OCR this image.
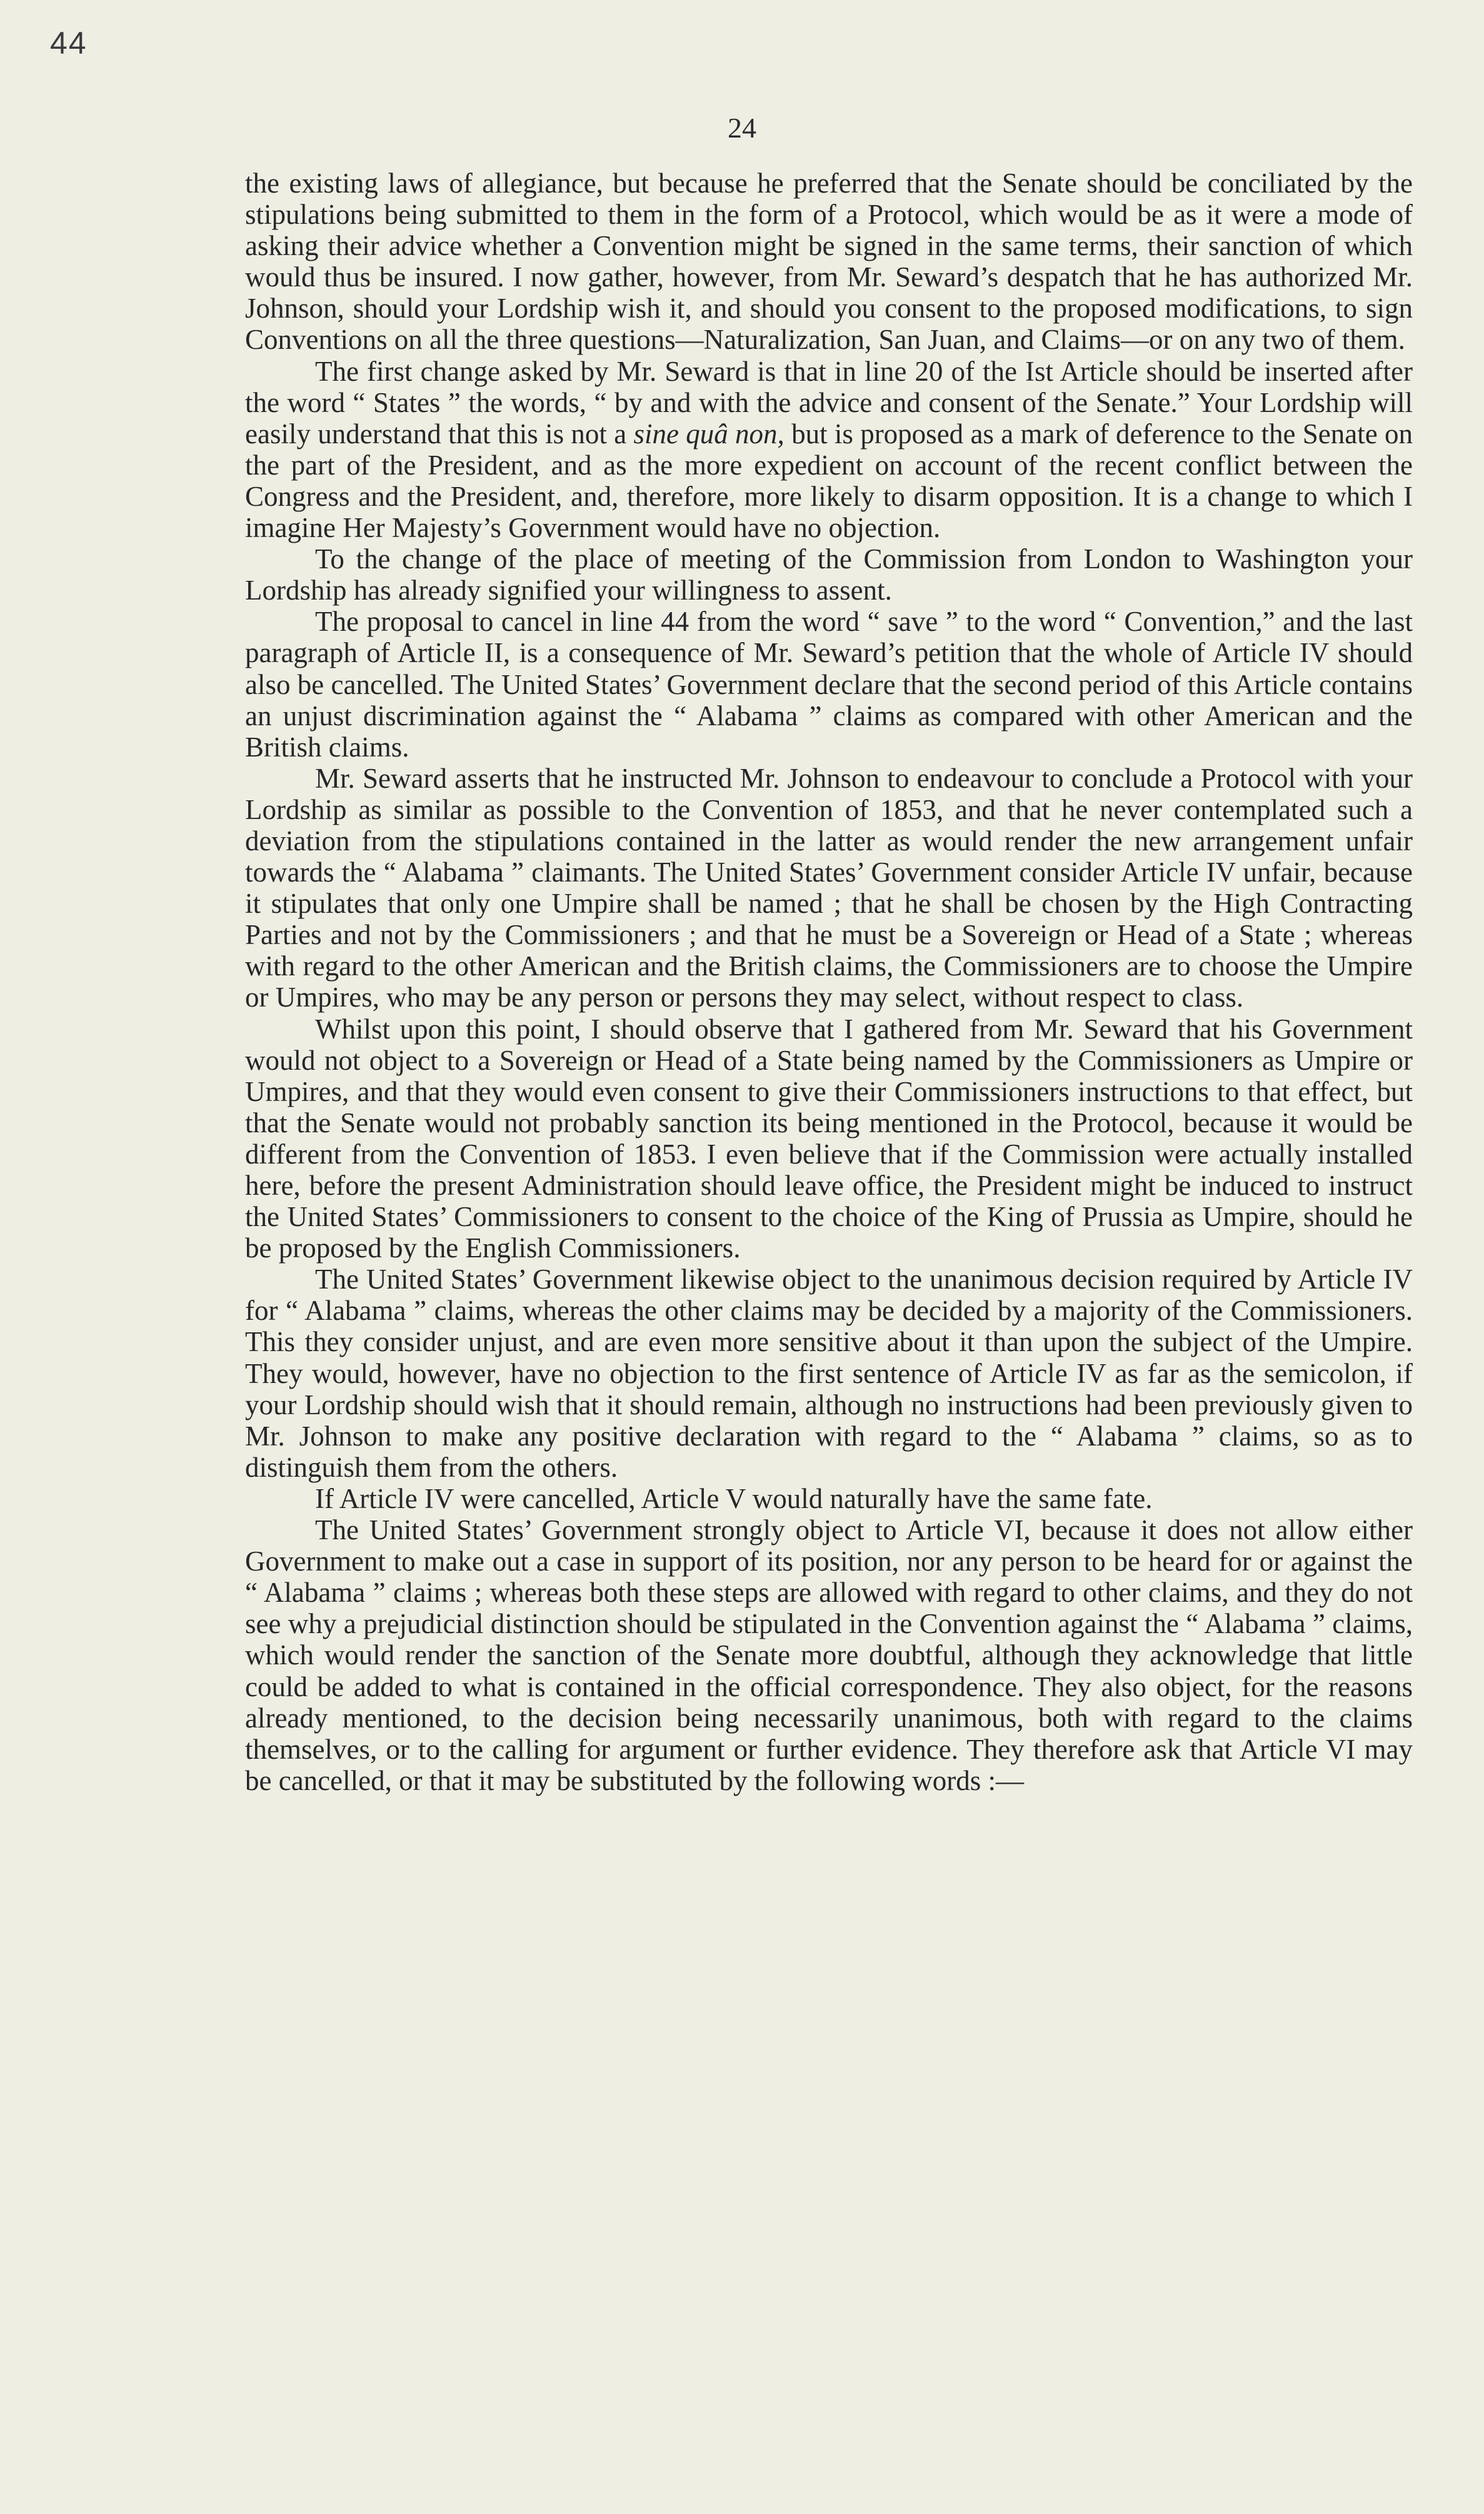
44
24

the existing laws of allegiance, but because he preferred that the Senate should be conciliated by the stipulations being submitted to them in the form of a Protocol, which would be as it were a mode of asking their advice whether a Convention might be signed in the same terms, their sanction of which would thus be insured. I now gather, however, from Mr. Seward’s despatch that he has authorized Mr. Johnson, should your Lordship wish it, and should you consent to the proposed modifications, to sign Conventions on all the three questions—Naturalization, San Juan, and Claims—or on any two of them.

The first change asked by Mr. Seward is that in line 20 of the Ist Article should be inserted after the word “ States ” the words, “ by and with the advice and consent of the Senate.” Your Lordship will easily understand that this is not a sine quâ non, but is proposed as a mark of deference to the Senate on the part of the President, and as the more expedient on account of the recent conflict between the Congress and the President, and, therefore, more likely to disarm opposition. It is a change to which I imagine Her Majesty’s Government would have no objection.

To the change of the place of meeting of the Commission from London to Washington your Lordship has already signified your willingness to assent.

The proposal to cancel in line 44 from the word “ save ” to the word “ Convention,” and the last paragraph of Article II, is a consequence of Mr. Seward’s petition that the whole of Article IV should also be cancelled. The United States’ Government declare that the second period of this Article contains an unjust discrimination against the “ Alabama ” claims as compared with other American and the British claims.

Mr. Seward asserts that he instructed Mr. Johnson to endeavour to conclude a Protocol with your Lordship as similar as possible to the Convention of 1853, and that he never contemplated such a deviation from the stipulations contained in the latter as would render the new arrangement unfair towards the “ Alabama ” claimants. The United States’ Government consider Article IV unfair, because it stipulates that only one Umpire shall be named ; that he shall be chosen by the High Contracting Parties and not by the Commissioners ; and that he must be a Sovereign or Head of a State ; whereas with regard to the other American and the British claims, the Commissioners are to choose the Umpire or Umpires, who may be any person or persons they may select, without respect to class.

Whilst upon this point, I should observe that I gathered from Mr. Seward that his Government would not object to a Sovereign or Head of a State being named by the Commissioners as Umpire or Umpires, and that they would even consent to give their Commissioners instructions to that effect, but that the Senate would not probably sanction its being mentioned in the Protocol, because it would be different from the Convention of 1853. I even believe that if the Commission were actually installed here, before the present Administration should leave office, the President might be induced to instruct the United States’ Commissioners to consent to the choice of the King of Prussia as Umpire, should he be proposed by the English Commissioners.

The United States’ Government likewise object to the unanimous decision required by Article IV for “ Alabama ” claims, whereas the other claims may be decided by a majority of the Commissioners. This they consider unjust, and are even more sensitive about it than upon the subject of the Umpire. They would, however, have no objection to the first sentence of Article IV as far as the semicolon, if your Lordship should wish that it should remain, although no instructions had been previously given to Mr. Johnson to make any positive declaration with regard to the “ Alabama ” claims, so as to distinguish them from the others.

If Article IV were cancelled, Article V would naturally have the same fate.

The United States’ Government strongly object to Article VI, because it does not allow either Government to make out a case in support of its position, nor any person to be heard for or against the “ Alabama ” claims ; whereas both these steps are allowed with regard to other claims, and they do not see why a prejudicial distinction should be stipulated in the Convention against the “ Alabama ” claims, which would render the sanction of the Senate more doubtful, although they acknowledge that little could be added to what is contained in the official correspondence. They also object, for the reasons already mentioned, to the decision being necessarily unanimous, both with regard to the claims themselves, or to the calling for argument or further evidence. They therefore ask that Article VI may be cancelled, or that it may be substituted by the following words :—
